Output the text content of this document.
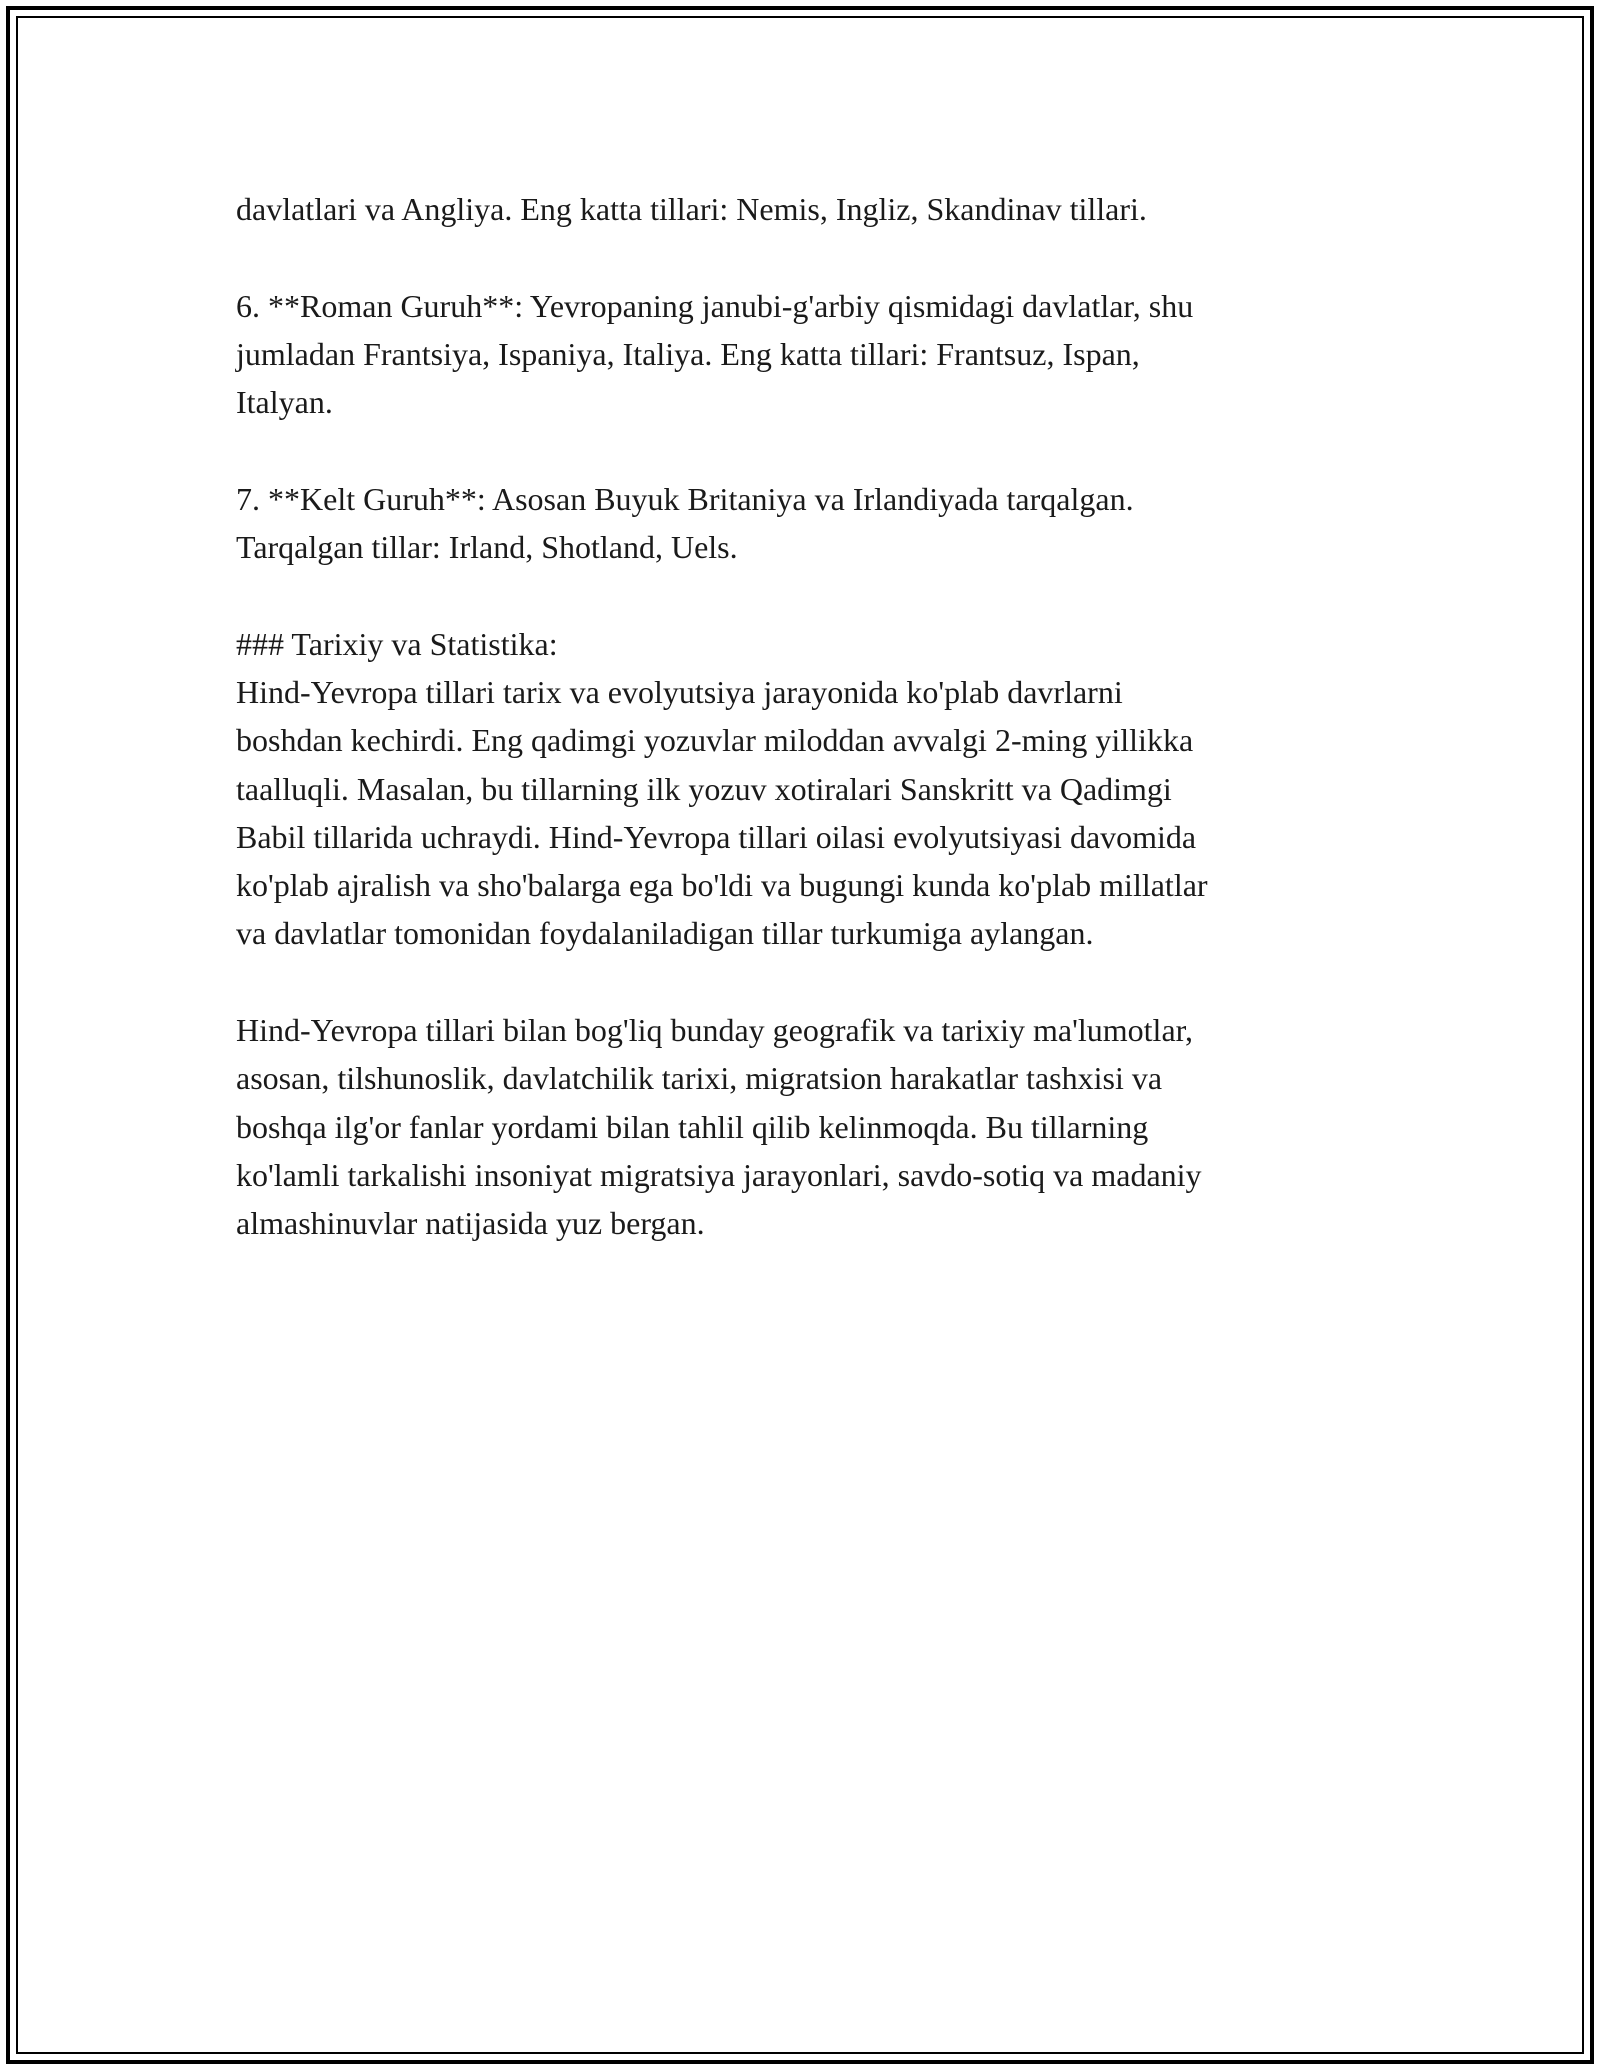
davlatlari va Angliya. Eng katta tillari: Nemis, Ingliz, Skandinav tillari.

6. **Roman Guruh**: Yevropaning janubi-g'arbiy qismidagi davlatlar, shu
jumladan Frantsiya, Ispaniya, Italiya. Eng katta tillari: Frantsuz, Ispan,
Italyan.

7. **Kelt Guruh**: Asosan Buyuk Britaniya va Irlandiyada tarqalgan.
Tarqalgan tillar: Irland, Shotland, Uels.

### Tarixiy va Statistika:
Hind-Yevropa tillari tarix va evolyutsiya jarayonida ko'plab davrlarni
boshdan kechirdi. Eng qadimgi yozuvlar miloddan avvalgi 2-ming yillikka
taalluqli. Masalan, bu tillarning ilk yozuv xotiralari Sanskritt va Qadimgi
Babil tillarida uchraydi. Hind-Yevropa tillari oilasi evolyutsiyasi davomida
ko'plab ajralish va sho'balarga ega bo'ldi va bugungi kunda ko'plab millatlar
va davlatlar tomonidan foydalaniladigan tillar turkumiga aylangan.

Hind-Yevropa tillari bilan bog'liq bunday geografik va tarixiy ma'lumotlar,
asosan, tilshunoslik, davlatchilik tarixi, migratsion harakatlar tashxisi va
boshqa ilg'or fanlar yordami bilan tahlil qilib kelinmoqda. Bu tillarning
ko'lamli tarkalishi insoniyat migratsiya jarayonlari, savdo-sotiq va madaniy
almashinuvlar natijasida yuz bergan.
